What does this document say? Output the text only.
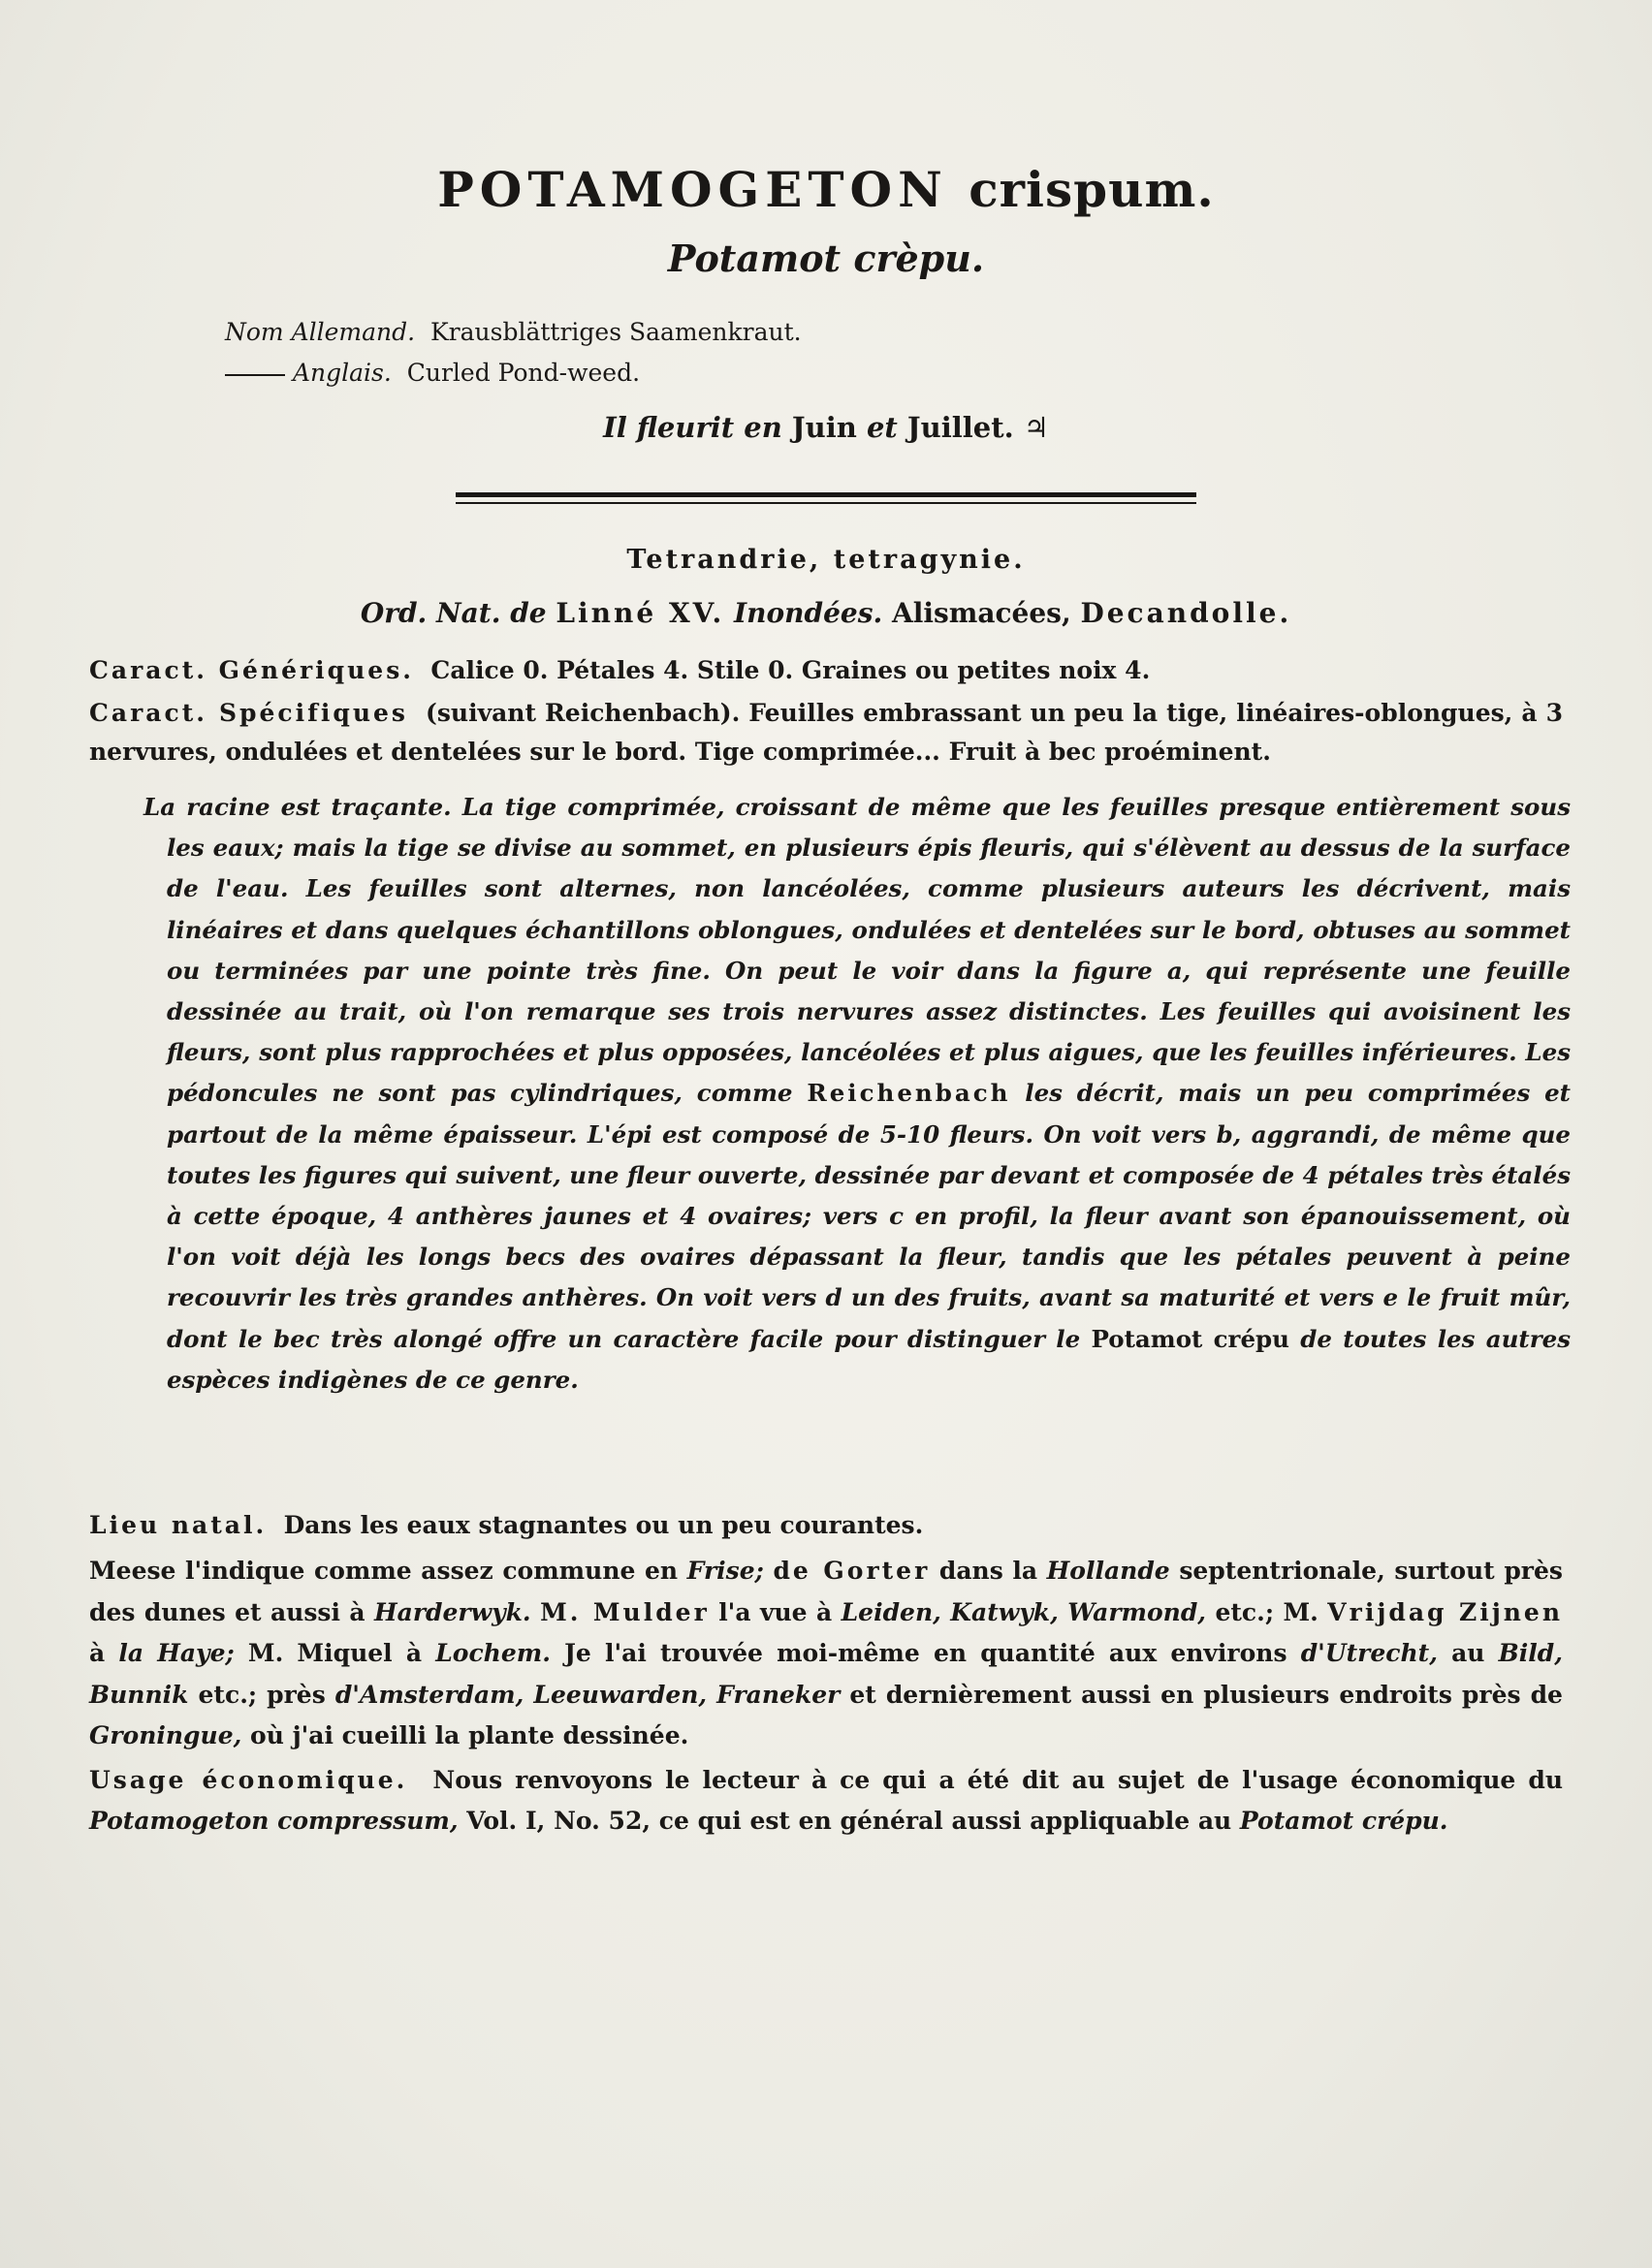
POTAMOGETON crispum.
Potamot crèpu.
Nom Allemand. Krausblättriges Saamenkraut.
Anglais. Curled Pond-weed.
Il fleurit en Juin et Juillet. ♃
Tetrandrie, tetragynie.
Ord. Nat. de Linné XV. Inondées. Alismacées, Decandolle.
Caract. Génériques. Calice 0. Pétales 4. Stile 0. Graines ou petites noix 4.
Caract. Spécifiques (suivant Reichenbach). Feuilles embrassant un peu la tige, linéaires-oblongues, à 3 nervures, ondulées et dentelées sur le bord. Tige comprimée... Fruit à bec proéminent.
La racine est traçante. La tige comprimée, croissant de même que les feuilles presque entièrement sous les eaux; mais la tige se divise au sommet, en plusieurs épis fleuris, qui s'élèvent au dessus de la surface de l'eau. Les feuilles sont alternes, non lancéolées, comme plusieurs auteurs les décrivent, mais linéaires et dans quelques échantillons oblongues, ondulées et dentelées sur le bord, obtuses au sommet ou terminées par une pointe très fine. On peut le voir dans la figure a, qui représente une feuille dessinée au trait, où l'on remarque ses trois nervures assez distinctes. Les feuilles qui avoisinent les fleurs, sont plus rapprochées et plus opposées, lancéolées et plus aigues, que les feuilles inférieures. Les pédoncules ne sont pas cylindriques, comme Reichenbach les décrit, mais un peu comprimées et partout de la même épaisseur. L'épi est composé de 5-10 fleurs. On voit vers b, aggrandi, de même que toutes les figures qui suivent, une fleur ouverte, dessinée par devant et composée de 4 pétales très étalés à cette époque, 4 anthères jaunes et 4 ovaires; vers c en profil, la fleur avant son épanouissement, où l'on voit déjà les longs becs des ovaires dépassant la fleur, tandis que les pétales peuvent à peine recouvrir les très grandes anthères. On voit vers d un des fruits, avant sa maturité et vers e le fruit mûr, dont le bec très alongé offre un caractère facile pour distinguer le Potamot crépu de toutes les autres espèces indigènes de ce genre.
Lieu natal. Dans les eaux stagnantes ou un peu courantes.
Meese l'indique comme assez commune en Frise; de Gorter dans la Hollande septentrionale, surtout près des dunes et aussi à Harderwyk. M. Mulder l'a vue à Leiden, Katwyk, Warmond, etc.; M. Vrijdag Zijnen à la Haye; M. Miquel à Lochem. Je l'ai trouvée moi-même en quantité aux environs d'Utrecht, au Bild, Bunnik etc.; près d'Amsterdam, Leeuwarden, Franeker et dernièrement aussi en plusieurs endroits près de Groningue, où j'ai cueilli la plante dessinée.
Usage économique. Nous renvoyons le lecteur à ce qui a été dit au sujet de l'usage économique du Potamogeton compressum, Vol. I, No. 52, ce qui est en général aussi appliquable au Potamot crépu.
